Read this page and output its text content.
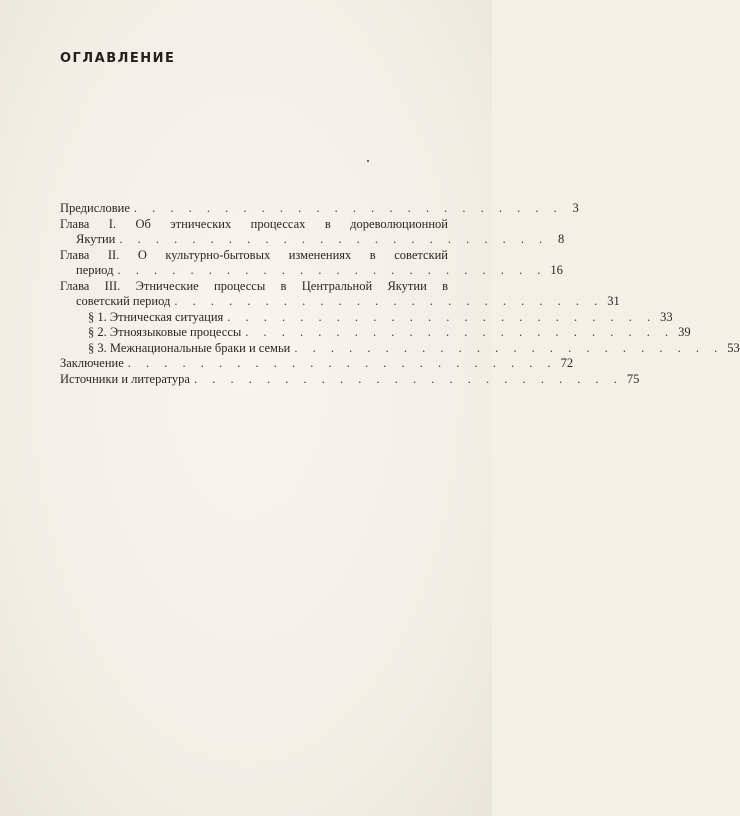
ОГЛАВЛЕНИЕ
Предисловие . . . . . . . . . . . . . . . . . . . . . . . . 3
Глава I. Об этнических процессах в дореволюционной
Якутии . . . . . . . . . . . . . . . . . . . . . . . . 8
Глава II. О культурно-бытовых изменениях в советский
период . . . . . . . . . . . . . . . . . . . . . . . . 16
Глава III. Этнические процессы в Центральной Якутии в
советский период . . . . . . . . . . . . . . . . . . . . . . . . 31
§ 1. Этническая ситуация . . . . . . . . . . . . . . . . . . . . . . . . 33
§ 2. Этноязыковые процессы . . . . . . . . . . . . . . . . . . . . . . . . 39
§ 3. Межнациональные браки и семьи . . . . . . . . . . . . . . . . . . . . . . . . 53
Заключение . . . . . . . . . . . . . . . . . . . . . . . . 72
Источники и литература . . . . . . . . . . . . . . . . . . . . . . . . 75
